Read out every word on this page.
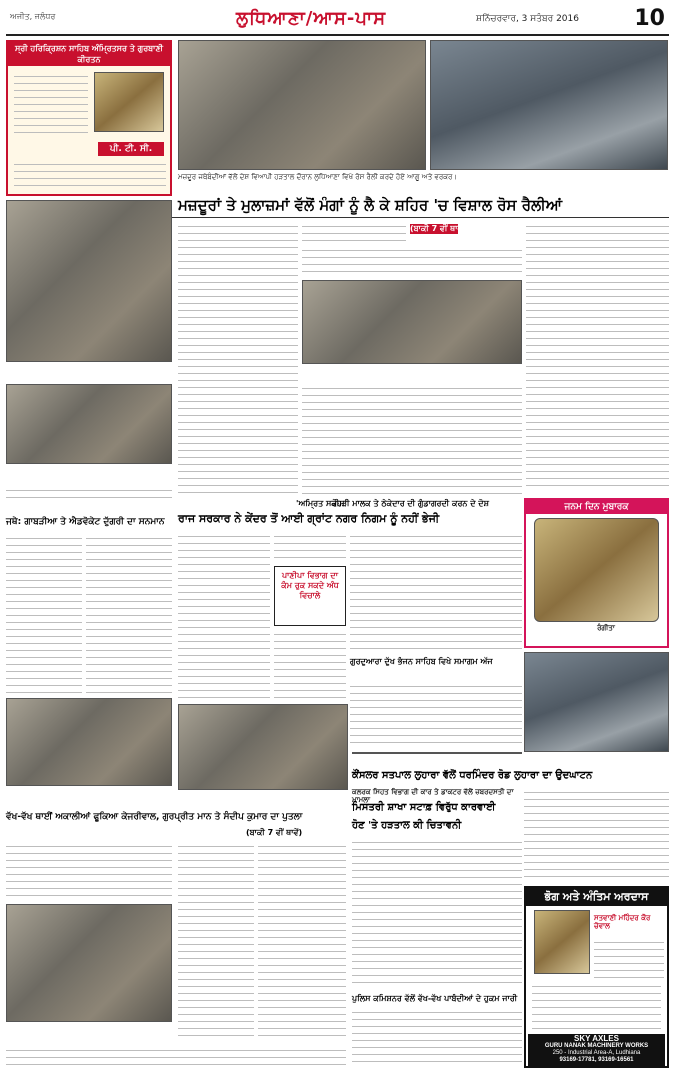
ਅਜੀਤ, ਜਲੰਧਰ	ਲੁਧਿਆਣਾ/ਆਸ-ਪਾਸ	ਸ਼ਨਿੱਚਰਵਾਰ, 3 ਸਤੰਬਰ 2016	10
ਸ੍ਰੀ ਹਰਿਕ੍ਰਿਸ਼ਨ ਸਾਹਿਬ ਅੰਮ੍ਰਿਤਸਰ ਤੇ ਗੁਰਬਾਣੀ ਕੀਰਤਨ
ਪੀ. ਟੀ. ਸੀ.
ਮਜ਼ਦੂਰ ਜਥੇਬੰਦੀਆਂ ਵੱਲੋਂ ਦੇਸ਼ ਵਿਆਪੀ ਹੜਤਾਲ ਦੌਰਾਨ ਲੁਧਿਆਣਾ ਵਿਖੇ ਰੋਸ ਰੈਲੀ ਕਰਦੇ ਹੋਏ ਆਗੂ ਅਤੇ ਵਰਕਰ।
ਮਜ਼ਦੂਰਾਂ ਤੇ ਮੁਲਾਜ਼ਮਾਂ ਵੱਲੋਂ ਮੰਗਾਂ ਨੂੰ ਲੈ ਕੇ ਸ਼ਹਿਰ 'ਚ ਵਿਸ਼ਾਲ ਰੋਸ ਰੈਲੀਆਂ
(ਬਾਕੀ 7 ਵੀਂ ਥਾਵੇਂ)
'ਅਮ੍ਰਿਤ ਸਕੀਮ'
ਰਾਜ ਸਰਕਾਰ ਨੇ ਕੇਂਦਰ ਤੋਂ ਆਈ ਗ੍ਰਾਂਟ ਨਗਰ ਨਿਗਮ ਨੂੰ ਨਹੀਂ ਭੇਜੀ
ਜਥੇ: ਗਾਬੜੀਆ ਤੇ ਐਡਵੋਕੇਟ ਦੁੱਗਰੀ ਦਾ ਸਨਮਾਨ
ਰੇਹੜੀ ਮਾਲਕ ਤੇ ਠੇਕੇਦਾਰ ਦੀ ਗੁੰਡਾਗਰਦੀ ਕਰਨ ਦੇ ਦੋਸ਼
ਪਾਣੀਪਾ ਵਿਭਾਗ ਦਾ ਕੰਮ ਰੁਕ ਸਕਦੇ ਅੰਧ ਵਿਚਾਲੇ
ਗੁਰਦੁਆਰਾ ਦੁੱਖ ਭੰਜਨ ਸਾਹਿਬ ਵਿਖੇ ਸਮਾਗਮ ਅੱਜ
ਜਨਮ ਦਿਨ ਮੁਬਾਰਕ
ਰੰਗੀਤਾ
ਕੌਂਸਲਰ ਸਤਪਾਲ ਲੁਹਾਰਾ ਵੱਲੋਂ ਧਰਮਿੰਦਰ ਰੋਡ ਲੁਹਾਰਾ ਦਾ ਉਦਘਾਟਨ
ਵੱਖ-ਵੱਖ ਥਾਈਂ ਅਕਾਲੀਆਂ ਫੂਕਿਆ ਕੇਜਰੀਵਾਲ, ਗੁਰਪ੍ਰੀਤ ਮਾਨ ਤੇ ਸੰਦੀਪ ਕੁਮਾਰ ਦਾ ਪੁਤਲਾ
(ਬਾਕੀ 7 ਵੀਂ ਥਾਵੇਂ)
ਕਲਰਕ ਸਿਹਤ ਵਿਭਾਗ ਦੀ ਕਾਰ ਤੇ ਡਾਕਟਰ ਵੱਲੋਂ ਜ਼ਬਰਦਸਤੀ ਦਾ ਮਾਮਲਾ
ਮਿਸਤਰੀ ਸ਼ਾਖਾ ਸਟਾਫ਼ ਵਿਰੁੱਧ ਕਾਰਵਾਈ
ਹੋਣ 'ਤੇ ਹੜਤਾਲ ਕੀ ਚਿਤਾਵਨੀ
ਪੁਲਿਸ ਕਮਿਸ਼ਨਰ ਵੱਲੋਂ ਵੱਖ-ਵੱਖ ਪਾਬੰਦੀਆਂ ਦੇ ਹੁਕਮ ਜਾਰੀ
ਭੋਗ ਅਤੇ ਅੰਤਿਮ ਅਰਦਾਸ
ਸਤਵਾਣੀ ਮਹਿੰਦਰ ਕੌਰ ਚੋਵਾਲ
SKY AXLES
GURU NANAK MACHINERY WORKS
250 - Industrial Area-A, Ludhiana
93169-17781, 93169-16561
